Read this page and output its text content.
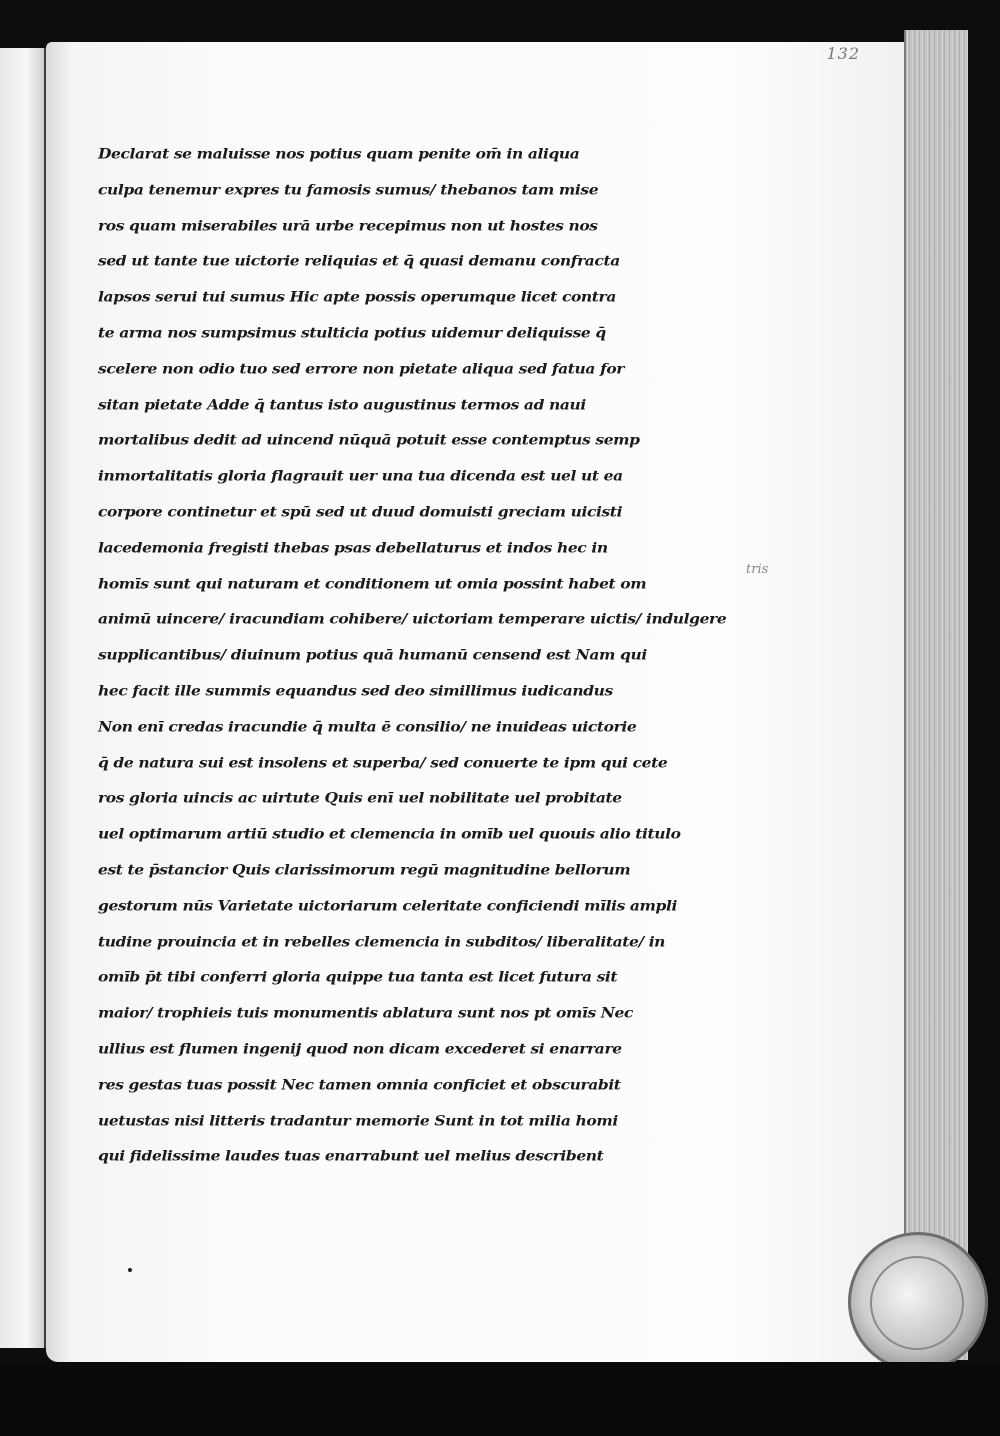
132
Declarat se maluisse nos potius quam penite om̄ in aliqua
culpa tenemur expres tu famosis sumus/ thebanos tam mise
ros quam miserabiles urā urbe recepimus non ut hostes nos
sed ut tante tue uictorie reliquias et q̄ quasi demanu confracta
lapsos serui tui sumus Hic apte possis operumque licet contra
te arma nos sumpsimus stulticia potius uidemur deliquisse q̄
scelere non odio tuo sed errore non pietate aliqua sed fatua for
sitan pietate Adde q̄ tantus isto augustinus termos ad naui
mortalibus dedit ad uincend nūquā potuit esse contemptus semp
inmortalitatis gloria flagrauit uer una tua dicenda est uel ut ea
corpore continetur et spū sed ut duud domuisti greciam uicisti
lacedemonia fregisti thebas psas debellaturus et indos hec in
homīs sunt qui naturam et conditionem ut omia possint habet om
animū uincere/ iracundiam cohibere/ uictoriam temperare uictis/ indulgere
supplicantibus/ diuinum potius quā humanū censend est Nam qui
hec facit ille summis equandus sed deo simillimus iudicandus
Non enī credas iracundie q̄ multa ē consilio/ ne inuideas uictorie
q̄ de natura sui est insolens et superba/ sed conuerte te ipm qui cete
ros gloria uincis ac uirtute Quis enī uel nobilitate uel probitate
uel optimarum artiū studio et clemencia in omīb uel quouis alio titulo
est te p̄stancior Quis clarissimorum regū magnitudine bellorum
gestorum nūs Varietate uictoriarum celeritate conficiendi mīlis ampli
tudine prouincia et in rebelles clemencia in subditos/ liberalitate/ in
omīb p̄t tibi conferri gloria quippe tua tanta est licet futura sit
maior/ trophieis tuis monumentis ablatura sunt nos pt omīs Nec
ullius est flumen ingenij quod non dicam excederet si enarrare
res gestas tuas possit Nec tamen omnia conficiet et obscurabit
uetustas nisi litteris tradantur memorie Sunt in tot milia homi
qui fidelissime laudes tuas enarrabunt uel melius describent
tris
